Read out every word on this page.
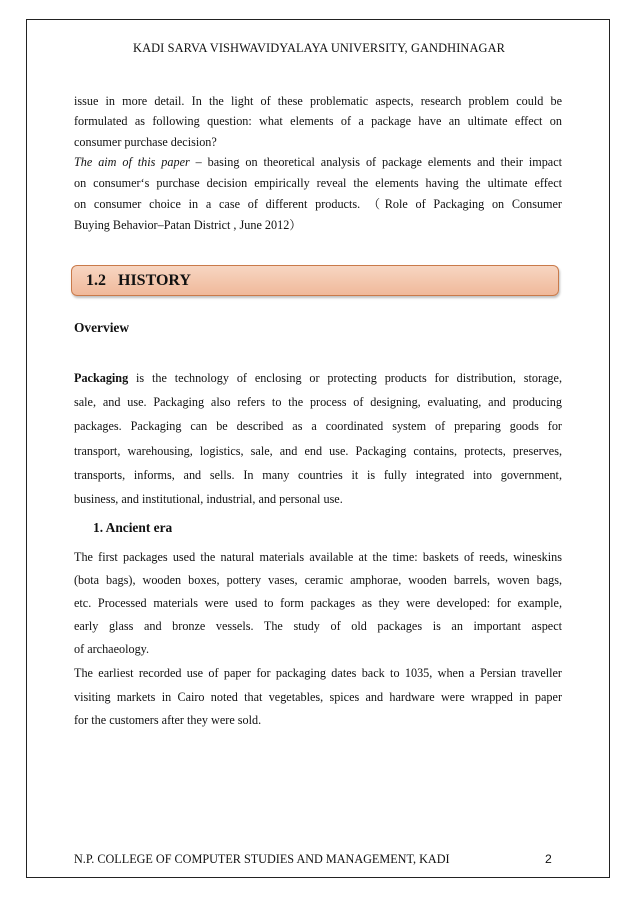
KADI SARVA VISHWAVIDYALAYA UNIVERSITY, GANDHINAGAR
issue in more detail. In the light of these problematic aspects, research problem could be
formulated as following question: what elements of a package have an ultimate effect on
consumer purchase decision?
The aim of this paper – basing on theoretical analysis of package elements and their impact
on consumer‘s purchase decision empirically reveal the elements having the ultimate effect
on consumer choice in a case of different products. （Role of Packaging on Consumer
Buying Behavior–Patan District , June 2012）
1.2 HISTORY
Overview
Packaging is the technology of enclosing or protecting products for distribution, storage,
sale, and use. Packaging also refers to the process of designing, evaluating, and producing
packages. Packaging can be described as a coordinated system of preparing goods for
transport, warehousing, logistics, sale, and end use. Packaging contains, protects, preserves,
transports, informs, and sells. In many countries it is fully integrated into government,
business, and institutional, industrial, and personal use.
1. Ancient era
The first packages used the natural materials available at the time: baskets of reeds, wineskins
(bota bags), wooden boxes, pottery vases, ceramic amphorae, wooden barrels, woven bags,
etc. Processed materials were used to form packages as they were developed: for example,
early glass and bronze vessels. The study of old packages is an important aspect
of archaeology.
The earliest recorded use of paper for packaging dates back to 1035, when a Persian traveller
visiting markets in Cairo noted that vegetables, spices and hardware were wrapped in paper
for the customers after they were sold.
N.P. COLLEGE OF COMPUTER STUDIES AND MANAGEMENT, KADI	2
